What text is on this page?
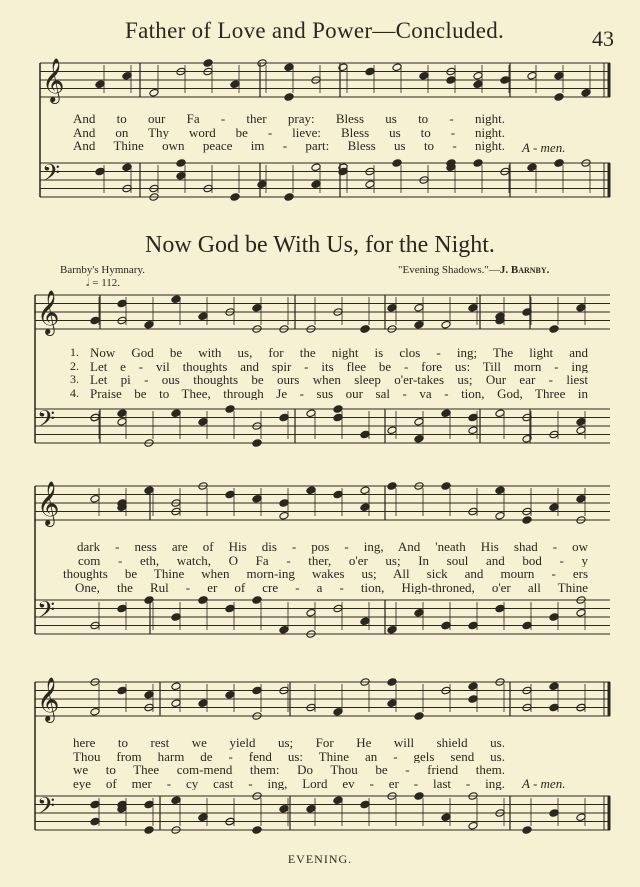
𝄞
𝄢
𝄞
𝄢
𝄞
𝄢
𝄞
𝄢
Father of Love and Power—Concluded.	43
And to our Fa - ther pray: Bless us to - night.
And on Thy word be - lieve: Bless us to - night.
And Thine own peace im - part: Bless us to - night. A - men.
Now God be With Us, for the Night.
Barnby's Hymnary.	"Evening Shadows."—J. Barnby.
𝅗𝅥 = 112.
1.
2.
3.
4.
Now God be with us, for the night is clos - ing; The light and
Let e - vil thoughts and spir - its flee be - fore us: Till morn - ing
Let pi - ous thoughts be ours when sleep o'er-takes us; Our ear - liest
Praise be to Thee, through Je - sus our sal - va - tion, God, Three in
dark - ness are of His dis - pos - ing, And 'neath His shad - ow
com - eth, watch, O Fa - ther, o'er us; In soul and bod - y
thoughts be Thine when morn-ing wakes us; All sick and mourn - ers
One, the Rul - er of cre - a - tion, High-throned, o'er all Thine
here to rest we yield us; For He will shield us.
Thou from harm de - fend us: Thine an - gels send us.
we to Thee com-mend them: Do Thou be - friend them.
eye of mer - cy cast - ing, Lord ev - er - last - ing. A - men.
EVENING.
